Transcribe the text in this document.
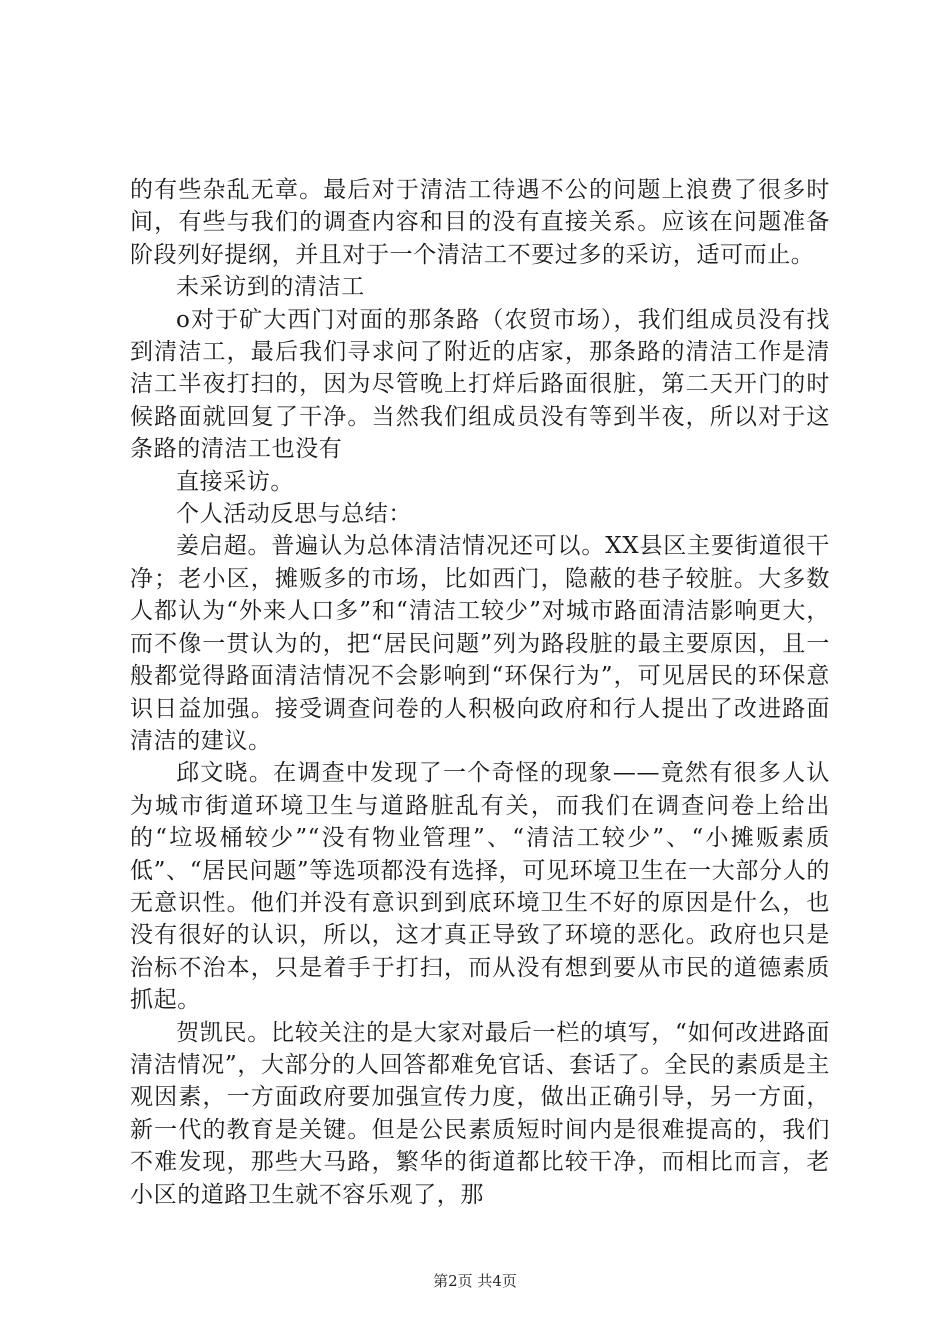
的有些杂乱无章。最后对于清洁工待遇不公的问题上浪费了很多时间，有些与我们的调查内容和目的没有直接关系。应该在问题准备阶段列好提纲，并且对于一个清洁工不要过多的采访，适可而止。

未采访到的清洁工

o对于矿大西门对面的那条路（农贸市场），我们组成员没有找到清洁工，最后我们寻求问了附近的店家，那条路的清洁工作是清洁工半夜打扫的，因为尽管晚上打烊后路面很脏，第二天开门的时候路面就回复了干净。当然我们组成员没有等到半夜，所以对于这条路的清洁工也没有

直接采访。

个人活动反思与总结：

姜启超。普遍认为总体清洁情况还可以。XX县区主要街道很干净；老小区，摊贩多的市场，比如西门，隐蔽的巷子较脏。大多数人都认为“外来人口多”和“清洁工较少”对城市路面清洁影响更大，而不像一贯认为的，把“居民问题”列为路段脏的最主要原因，且一般都觉得路面清洁情况不会影响到“环保行为”，可见居民的环保意识日益加强。接受调查问卷的人积极向政府和行人提出了改进路面清洁的建议。

邱文晓。在调查中发现了一个奇怪的现象——竟然有很多人认为城市街道环境卫生与道路脏乱有关，而我们在调查问卷上给出的“垃圾桶较少”“没有物业管理”、“清洁工较少”、“小摊贩素质低”、“居民问题”等选项都没有选择，可见环境卫生在一大部分人的无意识性。他们并没有意识到到底环境卫生不好的原因是什么，也没有很好的认识，所以，这才真正导致了环境的恶化。政府也只是治标不治本，只是着手于打扫，而从没有想到要从市民的道德素质抓起。

贺凯民。比较关注的是大家对最后一栏的填写，“如何改进路面清洁情况”，大部分的人回答都难免官话、套话了。全民的素质是主观因素，一方面政府要加强宣传力度，做出正确引导，另一方面，新一代的教育是关键。但是公民素质短时间内是很难提高的，我们不难发现，那些大马路，繁华的街道都比较干净，而相比而言，老小区的道路卫生就不容乐观了，那

第2页 共4页
